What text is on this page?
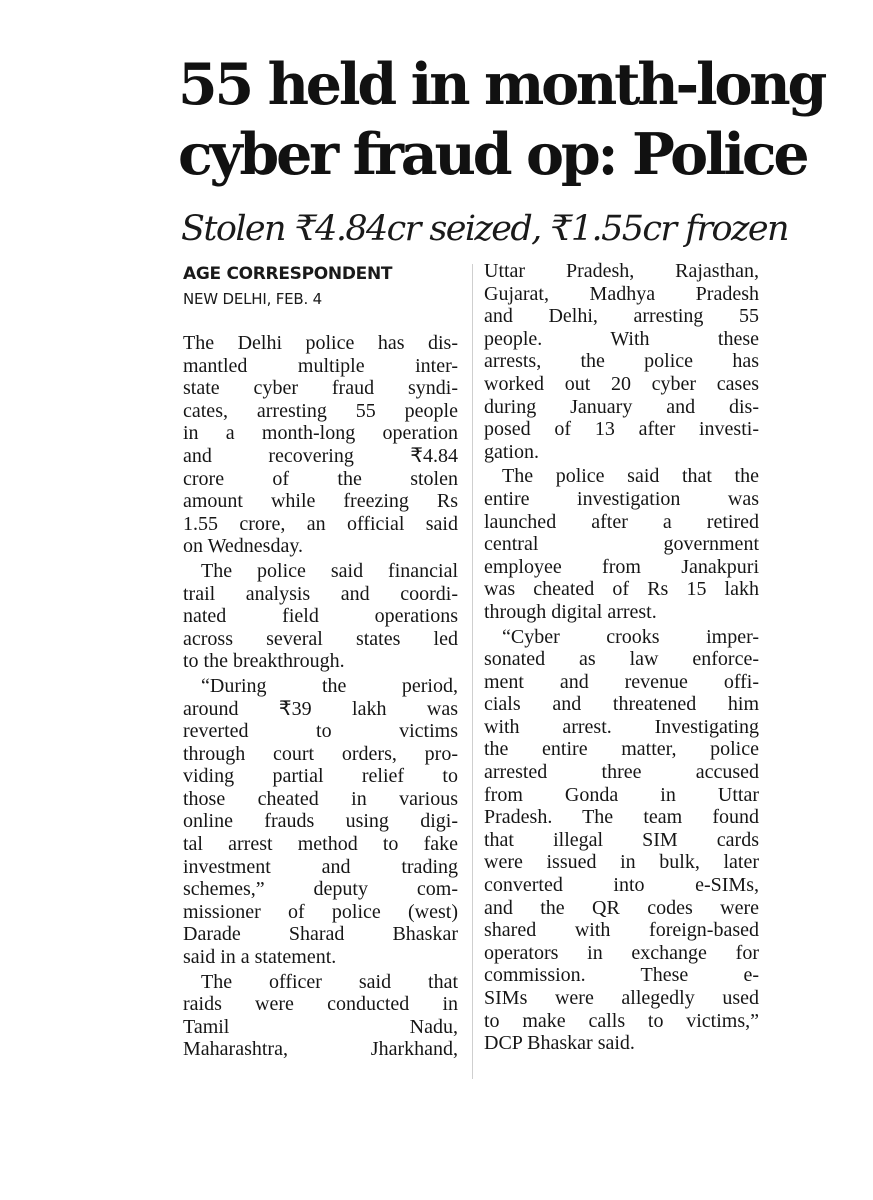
55 held in month-long
cyber fraud op: Police
Stolen ₹4.84cr seized, ₹1.55cr frozen
AGE CORRESPONDENT
NEW DELHI, FEB. 4
The Delhi police has dis-
mantled multiple inter-
state cyber fraud syndi-
cates, arresting 55 people
in a month-long operation
and recovering ₹4.84
crore of the stolen
amount while freezing Rs
1.55 crore, an official said
on Wednesday.
The police said financial
trail analysis and coordi-
nated field operations
across several states led
to the breakthrough.
“During the period,
around ₹39 lakh was
reverted to victims
through court orders, pro-
viding partial relief to
those cheated in various
online frauds using digi-
tal arrest method to fake
investment and trading
schemes,” deputy com-
missioner of police (west)
Darade Sharad Bhaskar
said in a statement.
The officer said that
raids were conducted in
Tamil Nadu,
Maharashtra, Jharkhand,
Uttar Pradesh, Rajasthan,
Gujarat, Madhya Pradesh
and Delhi, arresting 55
people. With these
arrests, the police has
worked out 20 cyber cases
during January and dis-
posed of 13 after investi-
gation.
The police said that the
entire investigation was
launched after a retired
central government
employee from Janakpuri
was cheated of Rs 15 lakh
through digital arrest.
“Cyber crooks imper-
sonated as law enforce-
ment and revenue offi-
cials and threatened him
with arrest. Investigating
the entire matter, police
arrested three accused
from Gonda in Uttar
Pradesh. The team found
that illegal SIM cards
were issued in bulk, later
converted into e-SIMs,
and the QR codes were
shared with foreign-based
operators in exchange for
commission. These e-
SIMs were allegedly used
to make calls to victims,”
DCP Bhaskar said.
